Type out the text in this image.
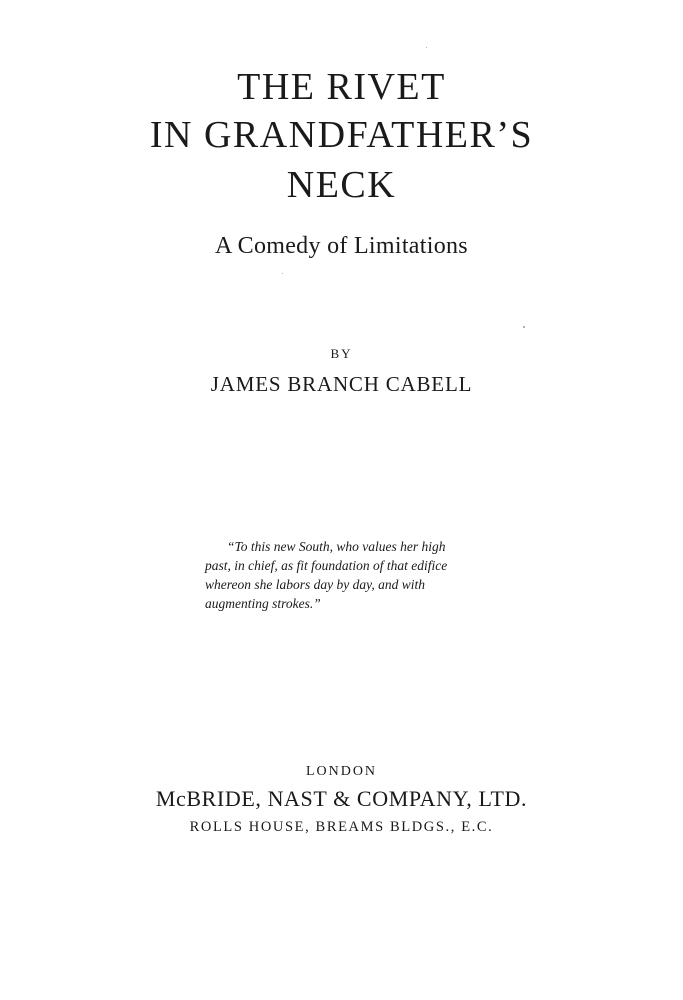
THE RIVET
IN GRANDFATHER’S
NECK

A Comedy of Limitations

BY

JAMES BRANCH CABELL

“To this new South, who values her high
past, in chief, as fit foundation of that edifice
whereon she labors day by day, and with
augmenting strokes.”

LONDON

McBRIDE, NAST & COMPANY, LTD.

ROLLS HOUSE, BREAMS BLDGS., E.C.
